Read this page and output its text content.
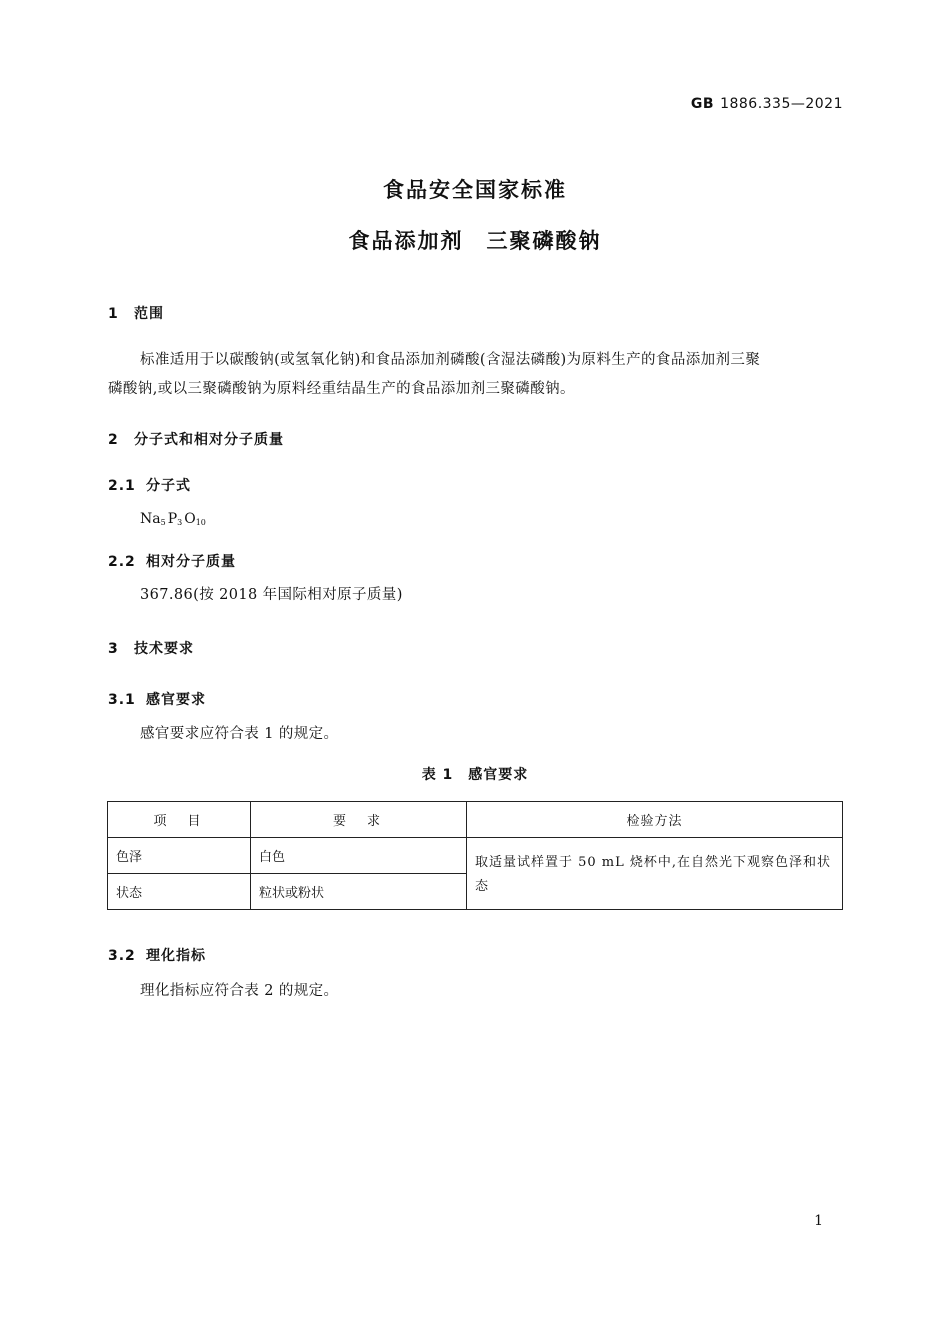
GB 1886.335—2021
食品安全国家标准
食品添加剂　三聚磷酸钠
1 范围
标准适用于以碳酸钠(或氢氧化钠)和食品添加剂磷酸(含湿法磷酸)为原料生产的食品添加剂三聚
磷酸钠,或以三聚磷酸钠为原料经重结晶生产的食品添加剂三聚磷酸钠。
2 分子式和相对分子质量
2.1 分子式
$Na_5$ $P_3$ $O_{10}$
2.2 相对分子质量
367.86(按 2018 年国际相对原子质量)
3 技术要求
3.1 感官要求
感官要求应符合表 1 的规定。
表 1　感官要求
项　目	要　求	检验方法
色泽	白色	取适量试样置于 50 mL 烧杯中,在自然光下观察色泽和状态
状态	粒状或粉状	
3.2 理化指标
理化指标应符合表 2 的规定。
1
